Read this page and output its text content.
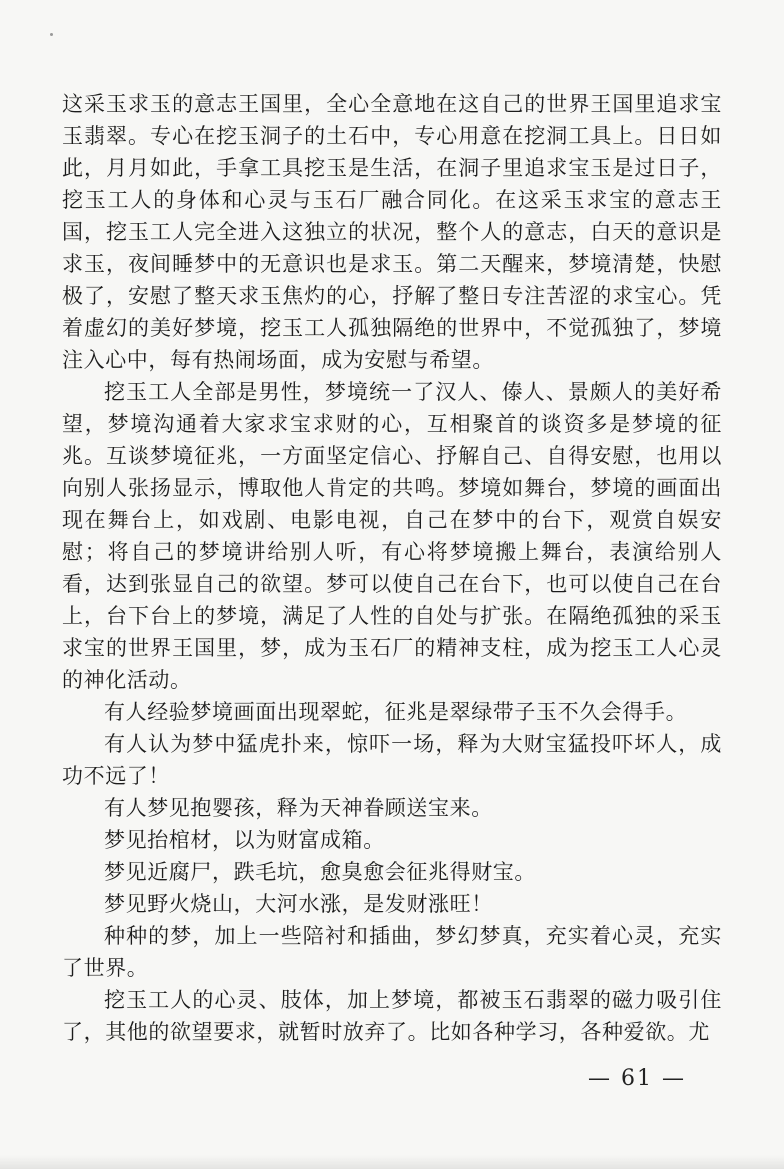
这采玉求玉的意志王国里，全心全意地在这自己的世界王国里追求宝玉翡翠。专心在挖玉洞子的土石中，专心用意在挖洞工具上。日日如此，月月如此，手拿工具挖玉是生活，在洞子里追求宝玉是过日子，挖玉工人的身体和心灵与玉石厂融合同化。在这采玉求宝的意志王国，挖玉工人完全进入这独立的状况，整个人的意志，白天的意识是求玉，夜间睡梦中的无意识也是求玉。第二天醒来，梦境清楚，快慰极了，安慰了整天求玉焦灼的心，抒解了整日专注苦涩的求宝心。凭着虚幻的美好梦境，挖玉工人孤独隔绝的世界中，不觉孤独了，梦境注入心中，每有热闹场面，成为安慰与希望。

挖玉工人全部是男性，梦境统一了汉人、傣人、景颇人的美好希望，梦境沟通着大家求宝求财的心，互相聚首的谈资多是梦境的征兆。互谈梦境征兆，一方面坚定信心、抒解自己、自得安慰，也用以向别人张扬显示，博取他人肯定的共鸣。梦境如舞台，梦境的画面出现在舞台上，如戏剧、电影电视，自己在梦中的台下，观赏自娱安慰；将自己的梦境讲给别人听，有心将梦境搬上舞台，表演给别人看，达到张显自己的欲望。梦可以使自己在台下，也可以使自己在台上，台下台上的梦境，满足了人性的自处与扩张。在隔绝孤独的采玉求宝的世界王国里，梦，成为玉石厂的精神支柱，成为挖玉工人心灵的神化活动。

有人经验梦境画面出现翠蛇，征兆是翠绿带子玉不久会得手。

有人认为梦中猛虎扑来，惊吓一场，释为大财宝猛投吓坏人，成功不远了！

有人梦见抱婴孩，释为天神眷顾送宝来。

梦见抬棺材，以为财富成箱。

梦见近腐尸，跌毛坑，愈臭愈会征兆得财宝。

梦见野火烧山，大河水涨，是发财涨旺！

种种的梦，加上一些陪衬和插曲，梦幻梦真，充实着心灵，充实了世界。

挖玉工人的心灵、肢体，加上梦境，都被玉石翡翠的磁力吸引住了，其他的欲望要求，就暂时放弃了。比如各种学习，各种爱欲。尤

— 61 —
